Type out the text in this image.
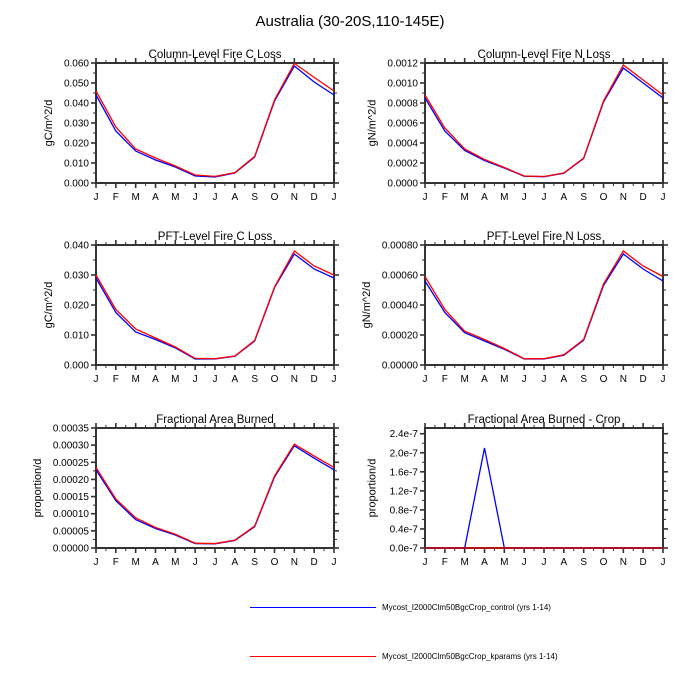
Australia (30-20S,110-145E)
J F M A M J J A S O N D J
0.000
0.010
0.020
0.030
0.040
0.050
0.060
Column-Level Fire C Loss
gC/m^2/d
J F M A M J J A S O N D J
0.0000
0.0002
0.0004
0.0006
0.0008
0.0010
0.0012
Column-Level Fire N Loss
gN/m^2/d
J F M A M J J A S O N D J
0.000
0.010
0.020
0.030
0.040
PFT-Level Fire C Loss
gC/m^2/d
J F M A M J J A S O N D J
0.00000
0.00020
0.00040
0.00060
0.00080
PFT-Level Fire N Loss
gN/m^2/d
J F M A M J J A S O N D J
0.00000
0.00005
0.00010
0.00015
0.00020
0.00025
0.00030
0.00035
Fractional Area Burned
proportion/d
J F M A M J J A S O N D J
0.0e-7
0.4e-7
0.8e-7
1.2e-7
1.6e-7
2.0e-7
2.4e-7
Fractional Area Burned - Crop
proportion/d
Mycost_I2000Clm50BgcCrop_control (yrs 1-14)
Mycost_I2000Clm50BgcCrop_kparams (yrs 1-14)
